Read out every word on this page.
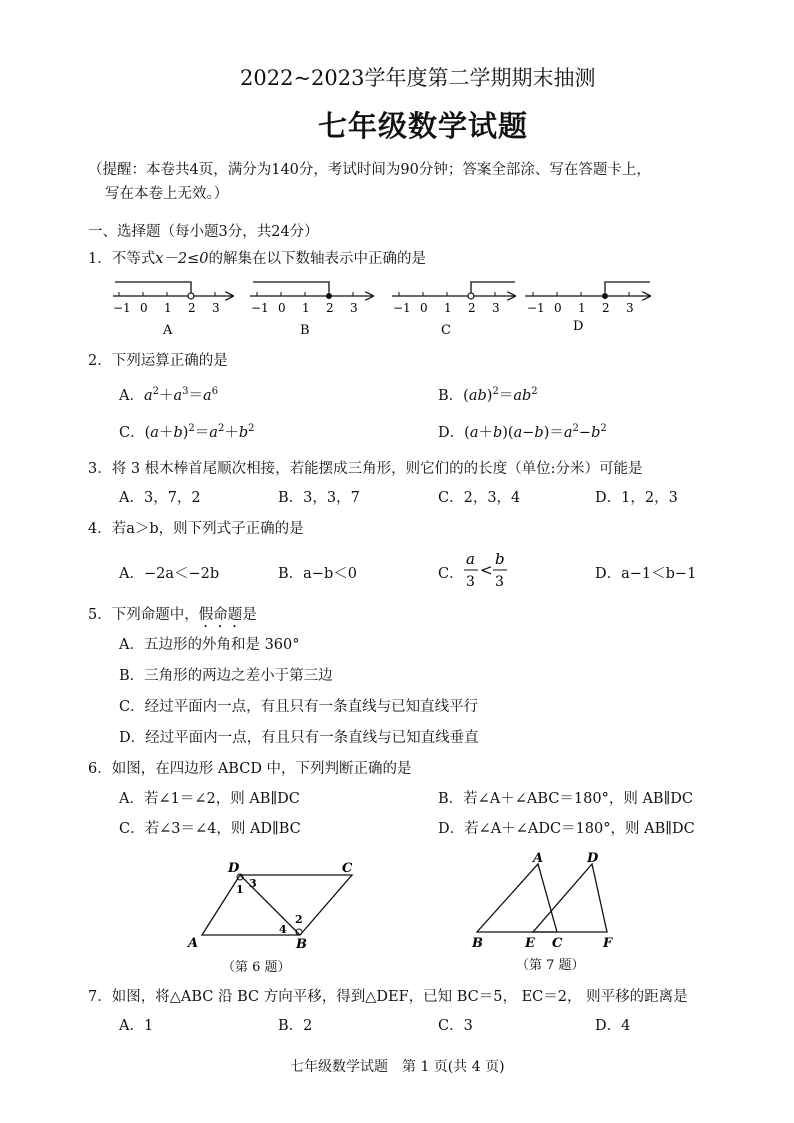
2022~2023学年度第二学期期末抽测
七年级数学试题
（提醒：本卷共4页，满分为140分，考试时间为90分钟；答案全部涂、写在答题卡上，
写在本卷上无效。）
一、选择题（每小题3分，共24分）
1．不等式x－2≤0的解集在以下数轴表示中正确的是
−1 0 1 2 3
A
−1 0 1 2 3
B
−1 0 1 2 3
C
−1 0 1 2 3
D
2．下列运算正确的是
A．$a^2+a^3=a^6$	B．$(ab)^2=ab^2$
C．$(a+b)^2=a^2+b^2$	D．$(a+b)(a-b)=a^2-b^2$
3．将 3 根木棒首尾顺次相接，若能摆成三角形，则它们的的长度（单位:分米）可能是
A．3，7，2	B．3，3，7	C．2，3，4	D．1，2，3
4．若a＞b，则下列式子正确的是
A．−2a＜−2b	B．a−b＜0	C．
a
3
<
b
3	D．a−1＜b−1
5．下列命题中，假命题是
A．五边形的外角和是 360°
B．三角形的两边之差小于第三边
C．经过平面内一点，有且只有一条直线与已知直线平行
D．经过平面内一点，有且只有一条直线与已知直线垂直
6．如图，在四边形 ABCD 中，下列判断正确的是
A．若∠1＝∠2，则 AB∥DC	B．若∠A＋∠ABC＝180°，则 AB∥DC
C．若∠3＝∠4，则 AD∥BC	D．若∠A＋∠ADC＝180°，则 AB∥DC
A	B
C
D
1
2
3
4
（第 6 题）
B	E C	F
A	D
（第 7 题）
7．如图，将△ABC 沿 BC 方向平移，得到△DEF，已知 BC＝5， EC＝2， 则平移的距离是
A．1	B．2	C．3	D．4
七年级数学试题　第 1 页(共 4 页)
